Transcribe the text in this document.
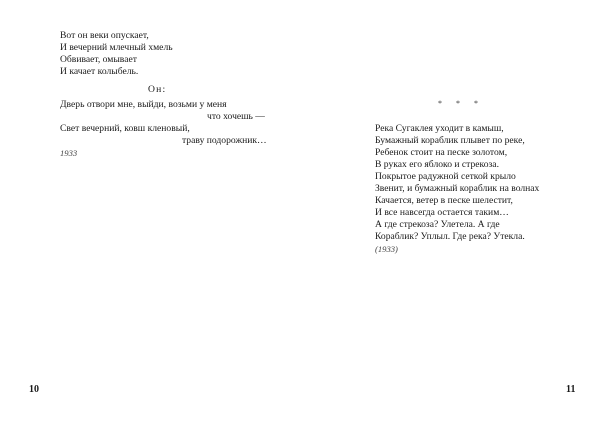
Вот он веки опускает,
И вечерний млечный хмель
Обвивает, омывает
И качает колыбель.
Он:
Дверь отвори мне, выйди, возьми у меня
что хочешь —
Свет вечерний, ковш кленовый,
траву подорожник…
1933
10
* * *
Река Сугаклея уходит в камыш,
Бумажный кораблик плывет по реке,
Ребенок стоит на песке золотом,
В руках его яблоко и стрекоза.
Покрытое радужной сеткой крыло
Звенит, и бумажный кораблик на волнах
Качается, ветер в песке шелестит,
И все навсегда остается таким…
А где стрекоза? Улетела. А где
Кораблик? Уплыл. Где река? Утекла.
(1933)
11
